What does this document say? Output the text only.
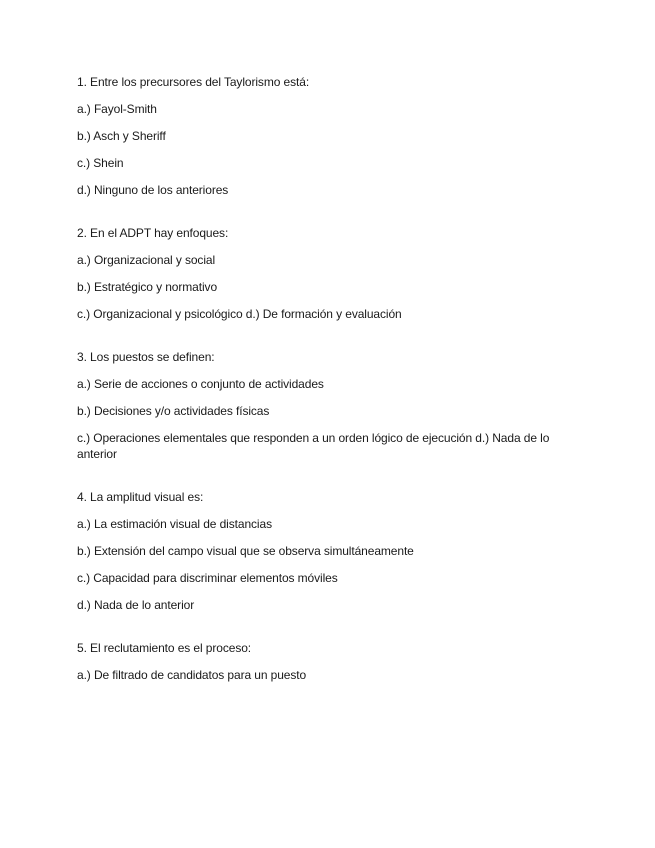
1. Entre los precursores del Taylorismo está:
a.) Fayol-Smith
b.) Asch y Sheriff
c.) Shein
d.) Ninguno de los anteriores
2. En el ADPT hay enfoques:
a.) Organizacional y social
b.) Estratégico y normativo
c.) Organizacional y psicológico d.) De formación y evaluación
3. Los puestos se definen:
a.) Serie de acciones o conjunto de actividades
b.) Decisiones y/o actividades físicas
c.) Operaciones elementales que responden a un orden lógico de ejecución d.) Nada de lo anterior
4. La amplitud visual es:
a.) La estimación visual de distancias
b.) Extensión del campo visual que se observa simultáneamente
c.) Capacidad para discriminar elementos móviles
d.) Nada de lo anterior
5. El reclutamiento es el proceso:
a.) De filtrado de candidatos para un puesto
